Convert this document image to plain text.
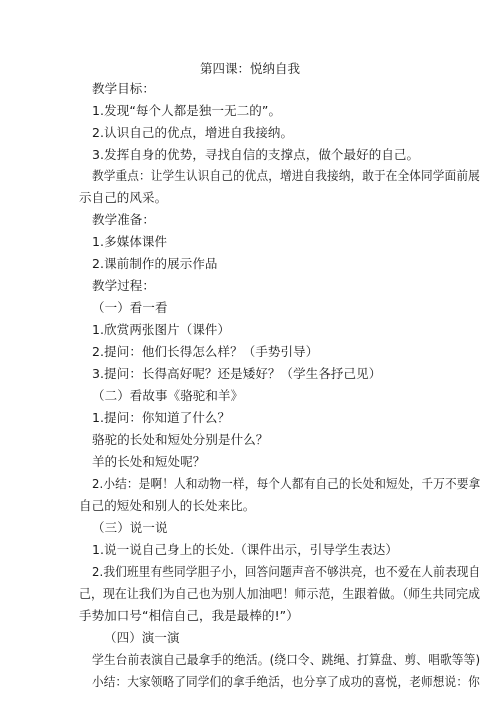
第四课：悦纳自我
教学目标：
1.发现“每个人都是独一无二的”。
2.认识自己的优点，增进自我接纳。
3.发挥自身的优势，寻找自信的支撑点，做个最好的自己。
教学重点：让学生认识自己的优点，增进自我接纳，敢于在全体同学面前展
示自己的风采。
教学准备：
1.多媒体课件
2.课前制作的展示作品
教学过程：
（一）看一看
1.欣赏两张图片（课件）
2.提问：他们长得怎么样？（手势引导）
3.提问：长得高好呢？还是矮好？（学生各抒己见）
（二）看故事《骆驼和羊》
1.提问：你知道了什么？
骆驼的长处和短处分别是什么？
羊的长处和短处呢？
2.小结：是啊！人和动物一样，每个人都有自己的长处和短处，千万不要拿
自己的短处和别人的长处来比。
（三）说一说
1.说一说自己身上的长处.（课件出示，引导学生表达）
2.我们班里有些同学胆子小，回答问题声音不够洪亮，也不爱在人前表现自
己，现在让我们为自己也为别人加油吧！师示范，生跟着做。（师生共同完成
手势加口号“相信自己，我是最棒的!”）
（四）演一演
学生台前表演自己最拿手的绝活。(绕口令、跳绳、打算盘、剪、唱歌等等)
小结：大家领略了同学们的拿手绝活，也分享了成功的喜悦，老师想说：你
